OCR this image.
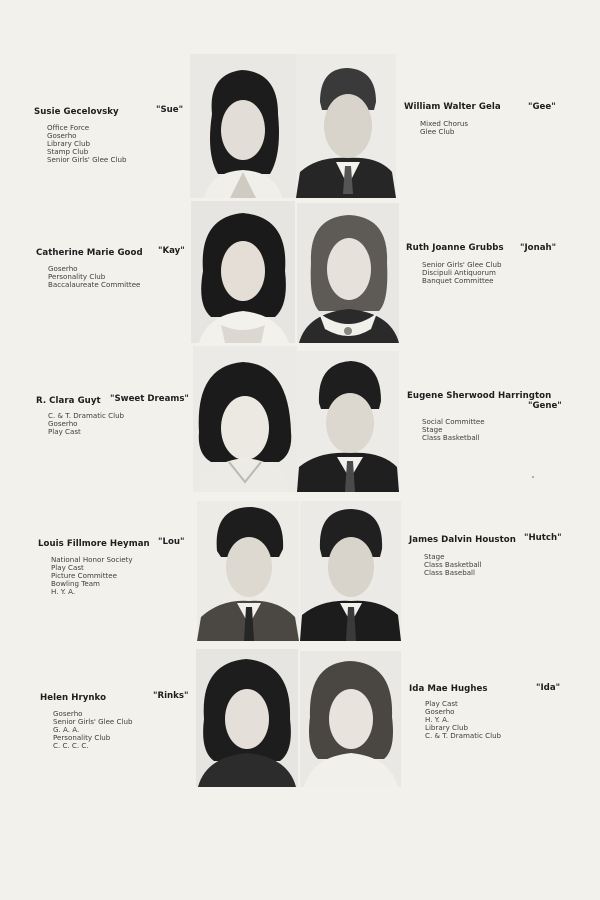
Susie Gecelovsky	"Sue"
Office Force
Goserho
Library Club
Stamp Club
Senior Girls' Glee Club
Catherine Marie Good "Kay"
Goserho
Personality Club
Baccalaureate Committee
R. Clara Guyt "Sweet Dreams"
C. & T. Dramatic Club
Goserho
Play Cast
Louis Fillmore Heyman "Lou"
National Honor Society
Play Cast
Picture Committee
Bowling Team
H. Y. A.
Helen Hrynko	"Rinks"
Goserho
Senior Girls' Glee Club
G. A. A.
Personality Club
C. C. C. C.
William Walter Gela	"Gee"
Mixed Chorus
Glee Club
Ruth Joanne Grubbs "Jonah"
Senior Girls' Glee Club
Discipuli Antiquorum
Banquet Committee
Eugene Sherwood Harrington
"Gene"
Social Committee
Stage
Class Basketball
James Dalvin Houston "Hutch"
Stage
Class Basketball
Class Baseball
Ida Mae Hughes	"Ida"
Play Cast
Goserho
H. Y. A.
Library Club
C. & T. Dramatic Club
